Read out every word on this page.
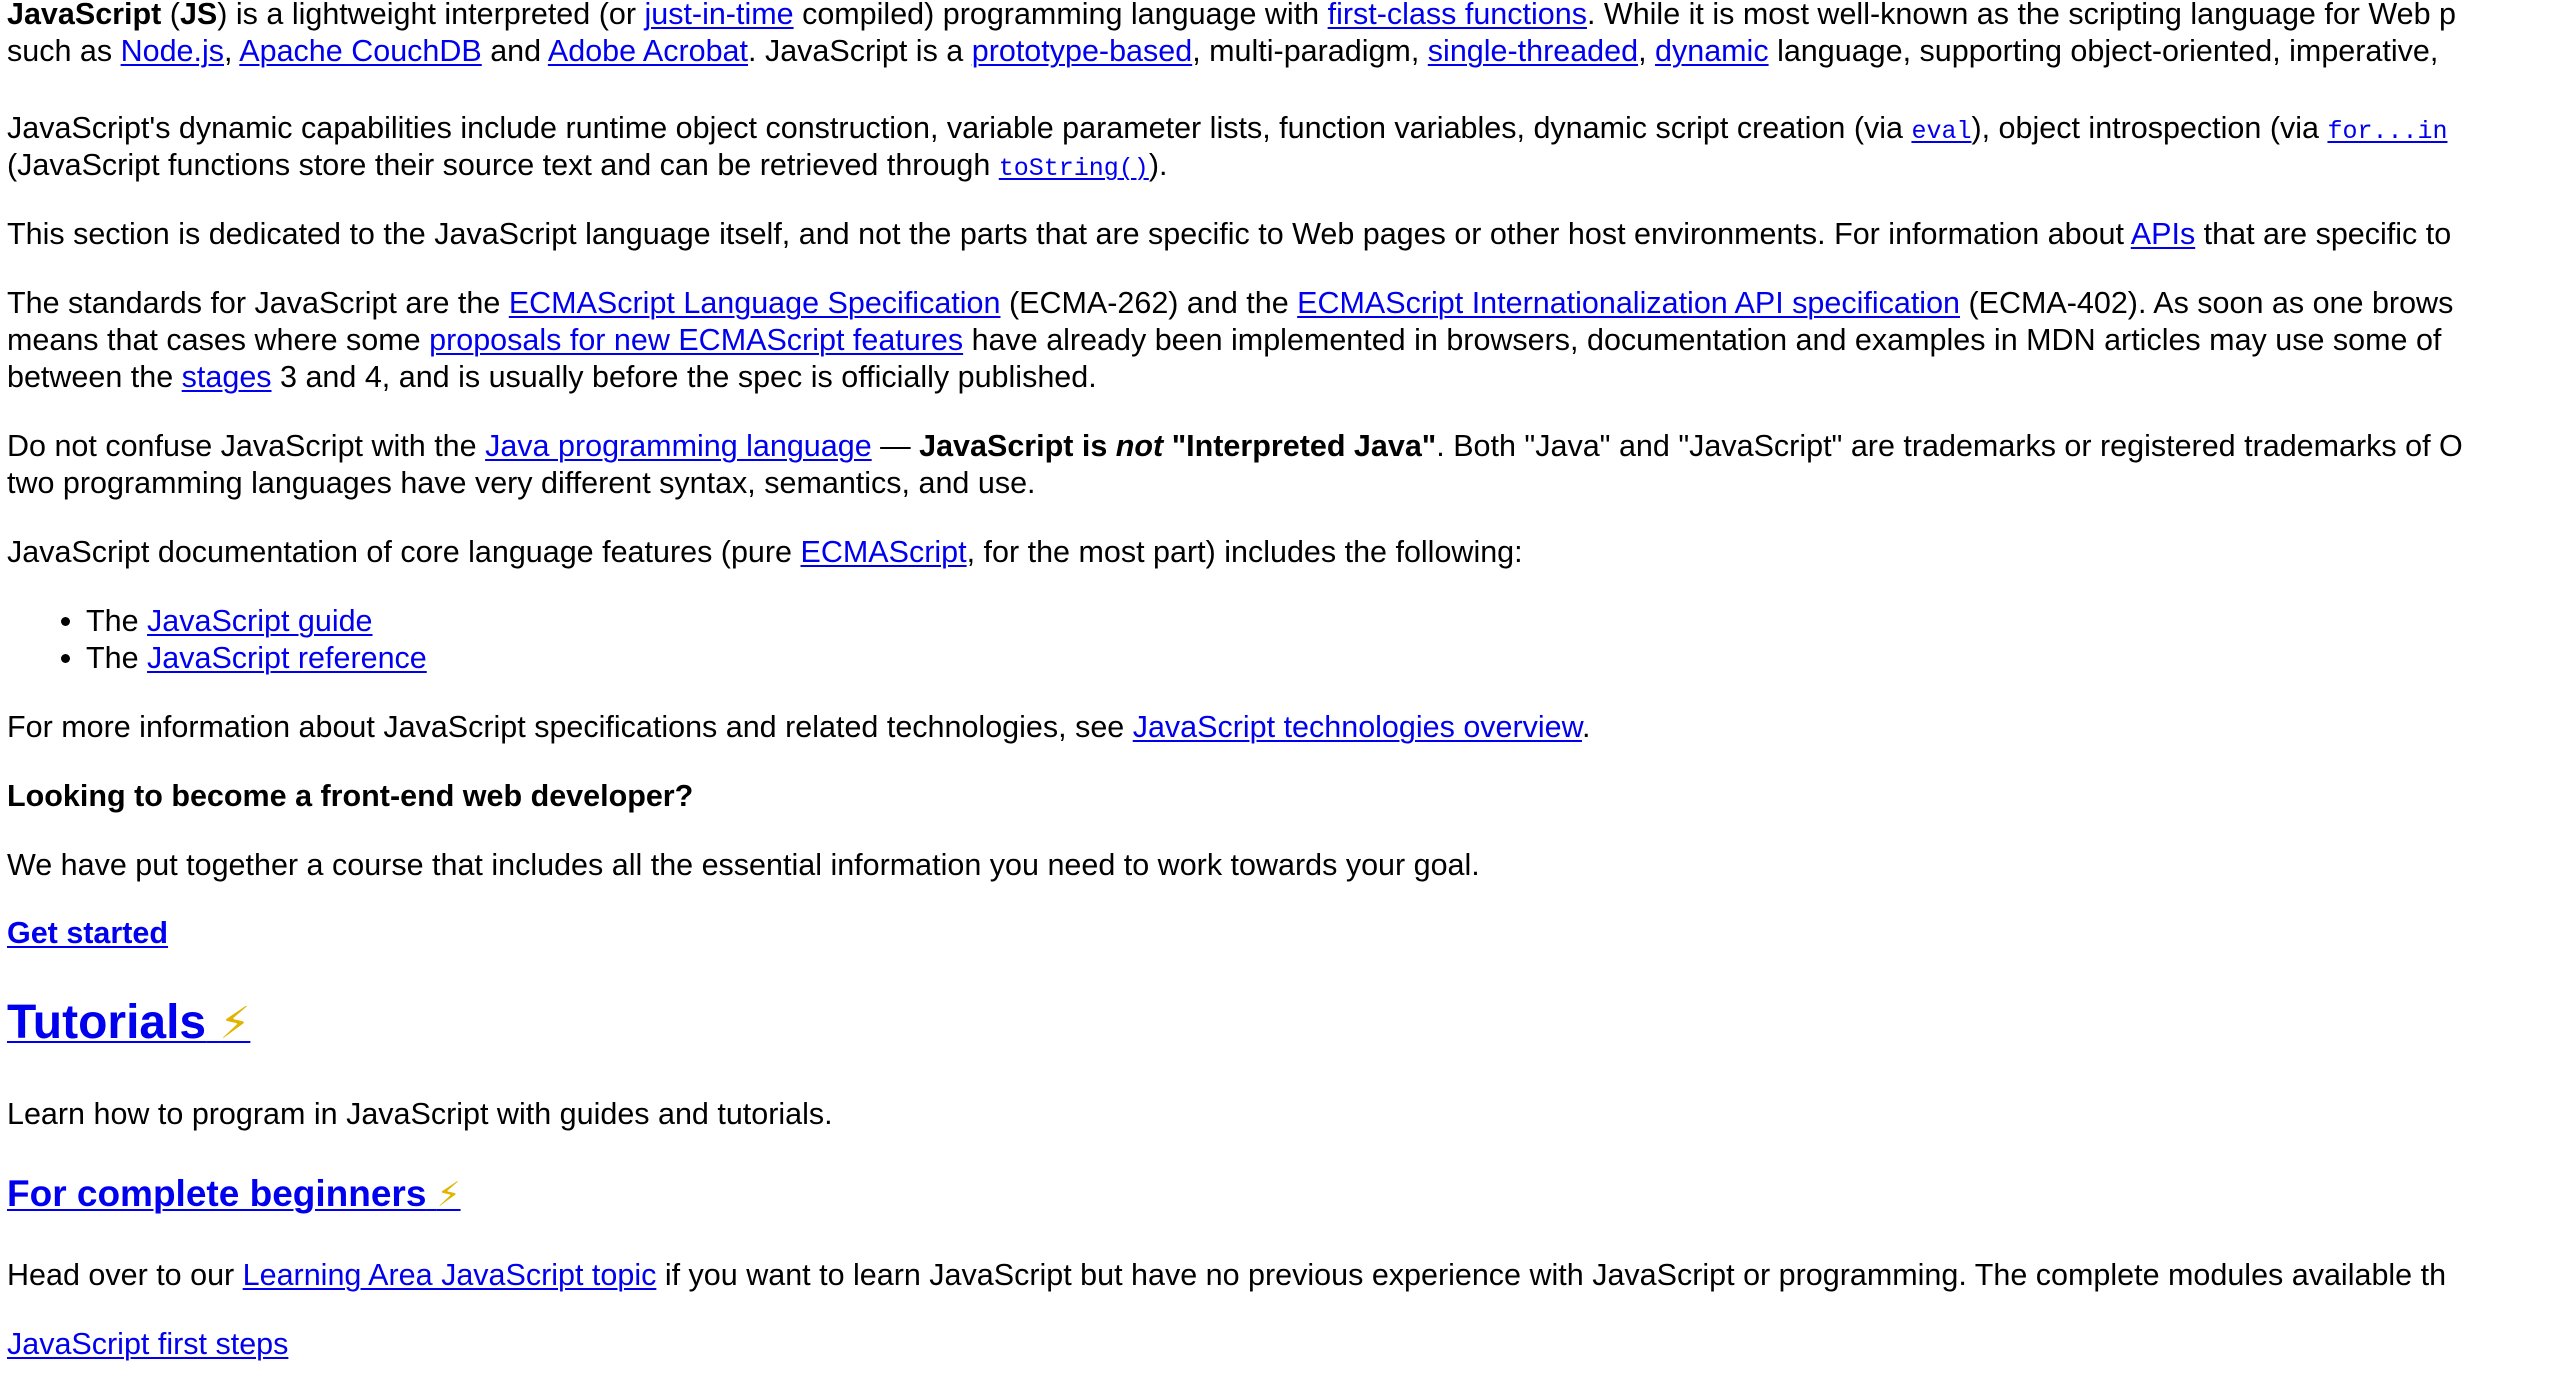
JavaScript (JS) is a lightweight interpreted (or just-in-time compiled) programming language with first-class functions. While it is most well-known as the scripting language for Web p
such as Node.js, Apache CouchDB and Adobe Acrobat. JavaScript is a prototype-based, multi-paradigm, single-threaded, dynamic language, supporting object-oriented, imperative,
JavaScript's dynamic capabilities include runtime object construction, variable parameter lists, function variables, dynamic script creation (via eval), object introspection (via for...in
(JavaScript functions store their source text and can be retrieved through toString()).
This section is dedicated to the JavaScript language itself, and not the parts that are specific to Web pages or other host environments. For information about APIs that are specific to
The standards for JavaScript are the ECMAScript Language Specification (ECMA-262) and the ECMAScript Internationalization API specification (ECMA-402). As soon as one brows
means that cases where some proposals for new ECMAScript features have already been implemented in browsers, documentation and examples in MDN articles may use some of
between the stages 3 and 4, and is usually before the spec is officially published.
Do not confuse JavaScript with the Java programming language — JavaScript is not "Interpreted Java". Both "Java" and "JavaScript" are trademarks or registered trademarks of O
two programming languages have very different syntax, semantics, and use.
JavaScript documentation of core language features (pure ECMAScript, for the most part) includes the following:
• The JavaScript guide
• The JavaScript reference
For more information about JavaScript specifications and related technologies, see JavaScript technologies overview.
Looking to become a front-end web developer?
We have put together a course that includes all the essential information you need to work towards your goal.
Get started
Tutorials ⚡
Learn how to program in JavaScript with guides and tutorials.
For complete beginners ⚡
Head over to our Learning Area JavaScript topic if you want to learn JavaScript but have no previous experience with JavaScript or programming. The complete modules available th
JavaScript first steps
